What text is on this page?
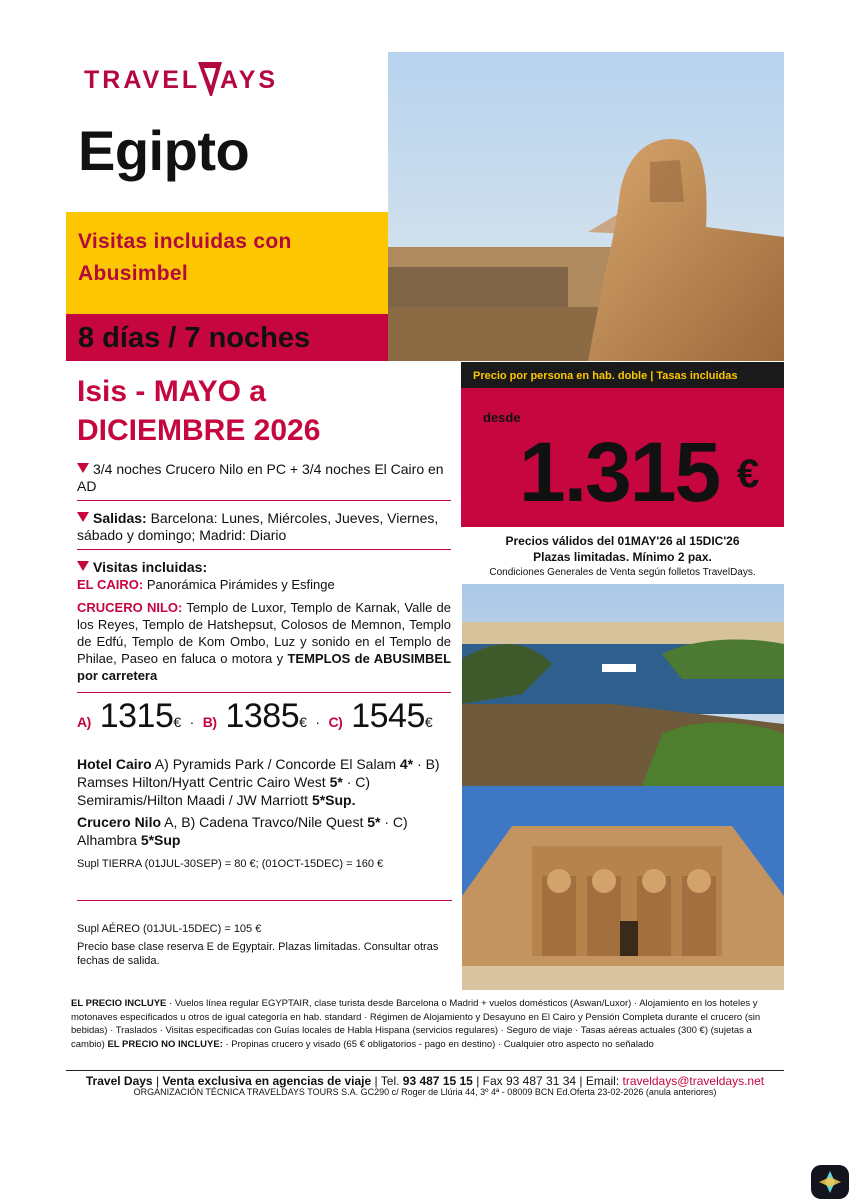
TRAVEL AYS
Egipto
Visitas incluidas con Abusimbel
8 días / 7 noches
Isis - MAYO a DICIEMBRE 2026
3/4 noches Crucero Nilo en PC + 3/4 noches El Cairo en AD
Salidas: Barcelona: Lunes, Miércoles, Jueves, Viernes, sábado y domingo; Madrid: Diario
Visitas incluidas:
EL CAIRO: Panorámica Pirámides y Esfinge
CRUCERO NILO: Templo de Luxor, Templo de Karnak, Valle de los Reyes, Templo de Hatshepsut, Colosos de Memnon, Templo de Edfú, Templo de Kom Ombo, Luz y sonido en el Templo de Philae, Paseo en faluca o motora y TEMPLOS de ABUSIMBEL por carretera
A) 1315€ · B) 1385€ · C) 1545€

Hotel Cairo A) Pyramids Park / Concorde El Salam 4* · B) Ramses Hilton/Hyatt Centric Cairo West 5* · C) Semiramis/Hilton Maadi / JW Marriott 5*Sup.

Crucero Nilo A, B) Cadena Travco/Nile Quest 5* · C) Alhambra 5*Sup

Supl TIERRA (01JUL-30SEP) = 80 €; (01OCT-15DEC) = 160 €
Supl AÉREO (01JUL-15DEC) = 105 €
Precio base clase reserva E de Egyptair. Plazas limitadas. Consultar otras fechas de salida.
Precio por persona en hab. doble | Tasas incluidas
desde
1.315 €
Precios válidos del 01MAY'26 al 15DIC'26
Plazas limitadas. Mínimo 2 pax.
Condiciones Generales de Venta según folletos TravelDays.
EL PRECIO INCLUYE · Vuelos línea regular EGYPTAIR, clase turista desde Barcelona o Madrid + vuelos domésticos (Aswan/Luxor) · Alojamiento en los hoteles y motonaves especificados u otros de igual categoría en hab. standard · Régimen de Alojamiento y Desayuno en El Cairo y Pensión Completa durante el crucero (sin bebidas) · Traslados · Visitas especificadas con Guías locales de Habla Hispana (servicios regulares) · Seguro de viaje · Tasas aéreas actuales (300 €) (sujetas a cambio) EL PRECIO NO INCLUYE: · Propinas crucero y visado (65 € obligatorios - pago en destino) · Cualquier otro aspecto no señalado
Travel Days | Venta exclusiva en agencias de viaje | Tel. 93 487 15 15 | Fax 93 487 31 34 | Email: traveldays@traveldays.net
ORGANIZACIÓN TÉCNICA TRAVELDAYS TOURS S.A. GC290 c/ Roger de Llúria 44, 3º 4ª - 08009 BCN Ed.Oferta 23-02-2026 (anula anteriores)
